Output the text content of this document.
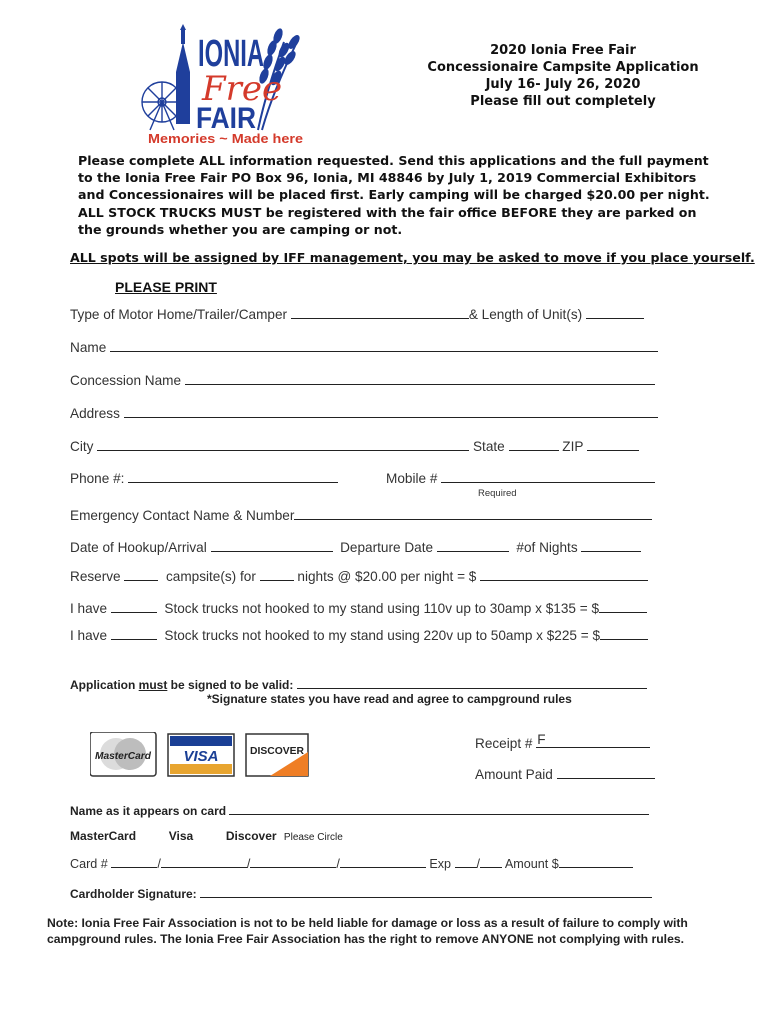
IONIA
Free
FAIR
Memories ~ Made here
2020 Ionia Free Fair
Concessionaire Campsite Application
July 16- July 26, 2020
Please fill out completely
Please complete ALL information requested. Send this applications and the full payment to the Ionia Free Fair PO Box 96, Ionia, MI 48846 by July 1, 2019 Commercial Exhibitors and Concessionaires will be placed first. Early camping will be charged $20.00 per night. ALL STOCK TRUCKS MUST be registered with the fair office BEFORE they are parked on the grounds whether you are camping or not.
ALL spots will be assigned by IFF management, you may be asked to move if you place yourself.
PLEASE PRINT
Type of Motor Home/Trailer/Camper	& Length of Unit(s)
Name
Concession Name
Address
City	State	ZIP
Phone #:	Mobile #
Required
Emergency Contact Name & Number
Date of Hookup/Arrival	Departure Date	#of Nights
Reserve	campsite(s) for	nights @ $20.00 per night = $
I have	Stock trucks not hooked to my stand using 110v up to 30amp x $135 = $
I have	Stock trucks not hooked to my stand using 220v up to 50amp x $225 = $
Application must be signed to be valid:
*Signature states you have read and agree to campground rules
MasterCard VISA	DISCOVER
Receipt # F
Amount Paid
Name as it appears on card
MasterCard	Visa	Discover Please Circle
Card #	/	/	/	Exp / Amount $
Cardholder Signature:
Note: Ionia Free Fair Association is not to be held liable for damage or loss as a result of failure to comply with campground rules. The Ionia Free Fair Association has the right to remove ANYONE not complying with rules.
